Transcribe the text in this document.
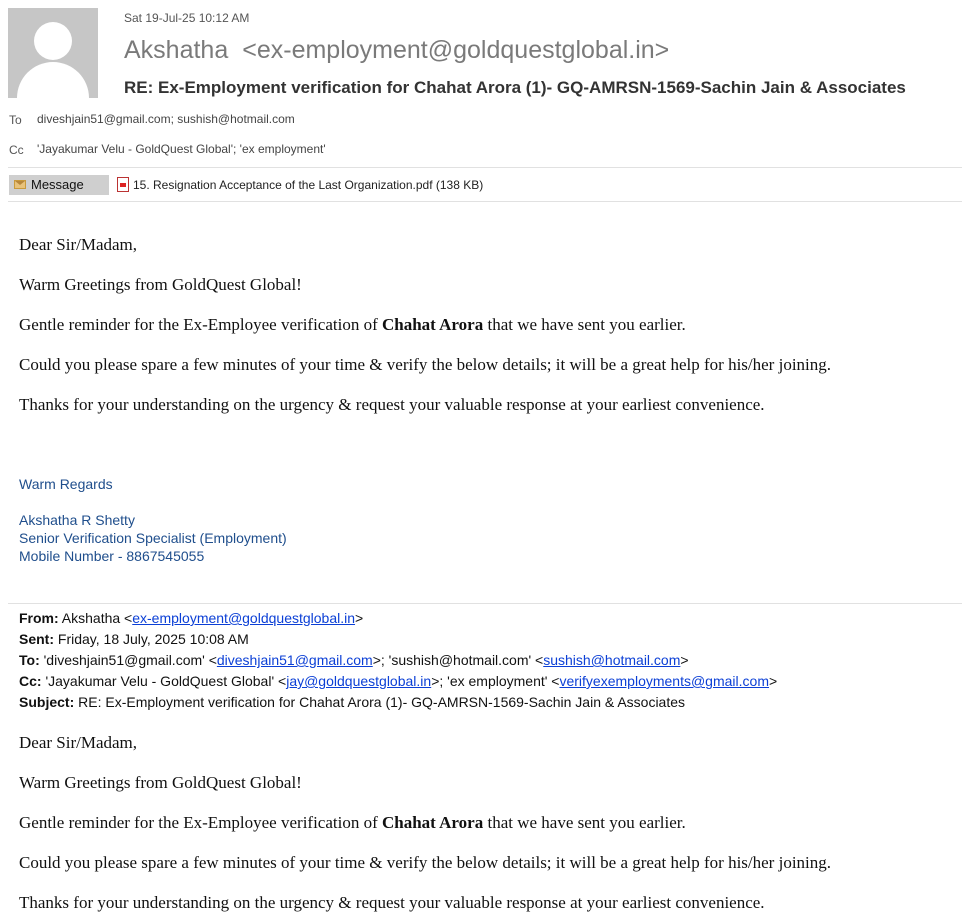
Sat 19-Jul-25 10:12 AM
Akshatha <ex-employment@goldquestglobal.in>
RE: Ex-Employment verification for Chahat Arora (1)- GQ-AMRSN-1569-Sachin Jain & Associates
To diveshjain51@gmail.com; sushish@hotmail.com
Cc 'Jayakumar Velu - GoldQuest Global'; 'ex employment'
Message	15. Resignation Acceptance of the Last Organization.pdf (138 KB)
Dear Sir/Madam,
Warm Greetings from GoldQuest Global!
Gentle reminder for the Ex-Employee verification of Chahat Arora that we have sent you earlier.
Could you please spare a few minutes of your time & verify the below details; it will be a great help for his/her joining.
Thanks for your understanding on the urgency & request your valuable response at your earliest convenience.
Warm Regards
Akshatha R Shetty
Senior Verification Specialist (Employment)
Mobile Number - 8867545055
From: Akshatha <ex-employment@goldquestglobal.in>
Sent: Friday, 18 July, 2025 10:08 AM
To: 'diveshjain51@gmail.com' <diveshjain51@gmail.com>; 'sushish@hotmail.com' <sushish@hotmail.com>
Cc: 'Jayakumar Velu - GoldQuest Global' <jay@goldquestglobal.in>; 'ex employment' <verifyexemployments@gmail.com>
Subject: RE: Ex-Employment verification for Chahat Arora (1)- GQ-AMRSN-1569-Sachin Jain & Associates
Dear Sir/Madam,
Warm Greetings from GoldQuest Global!
Gentle reminder for the Ex-Employee verification of Chahat Arora that we have sent you earlier.
Could you please spare a few minutes of your time & verify the below details; it will be a great help for his/her joining.
Thanks for your understanding on the urgency & request your valuable response at your earliest convenience.
